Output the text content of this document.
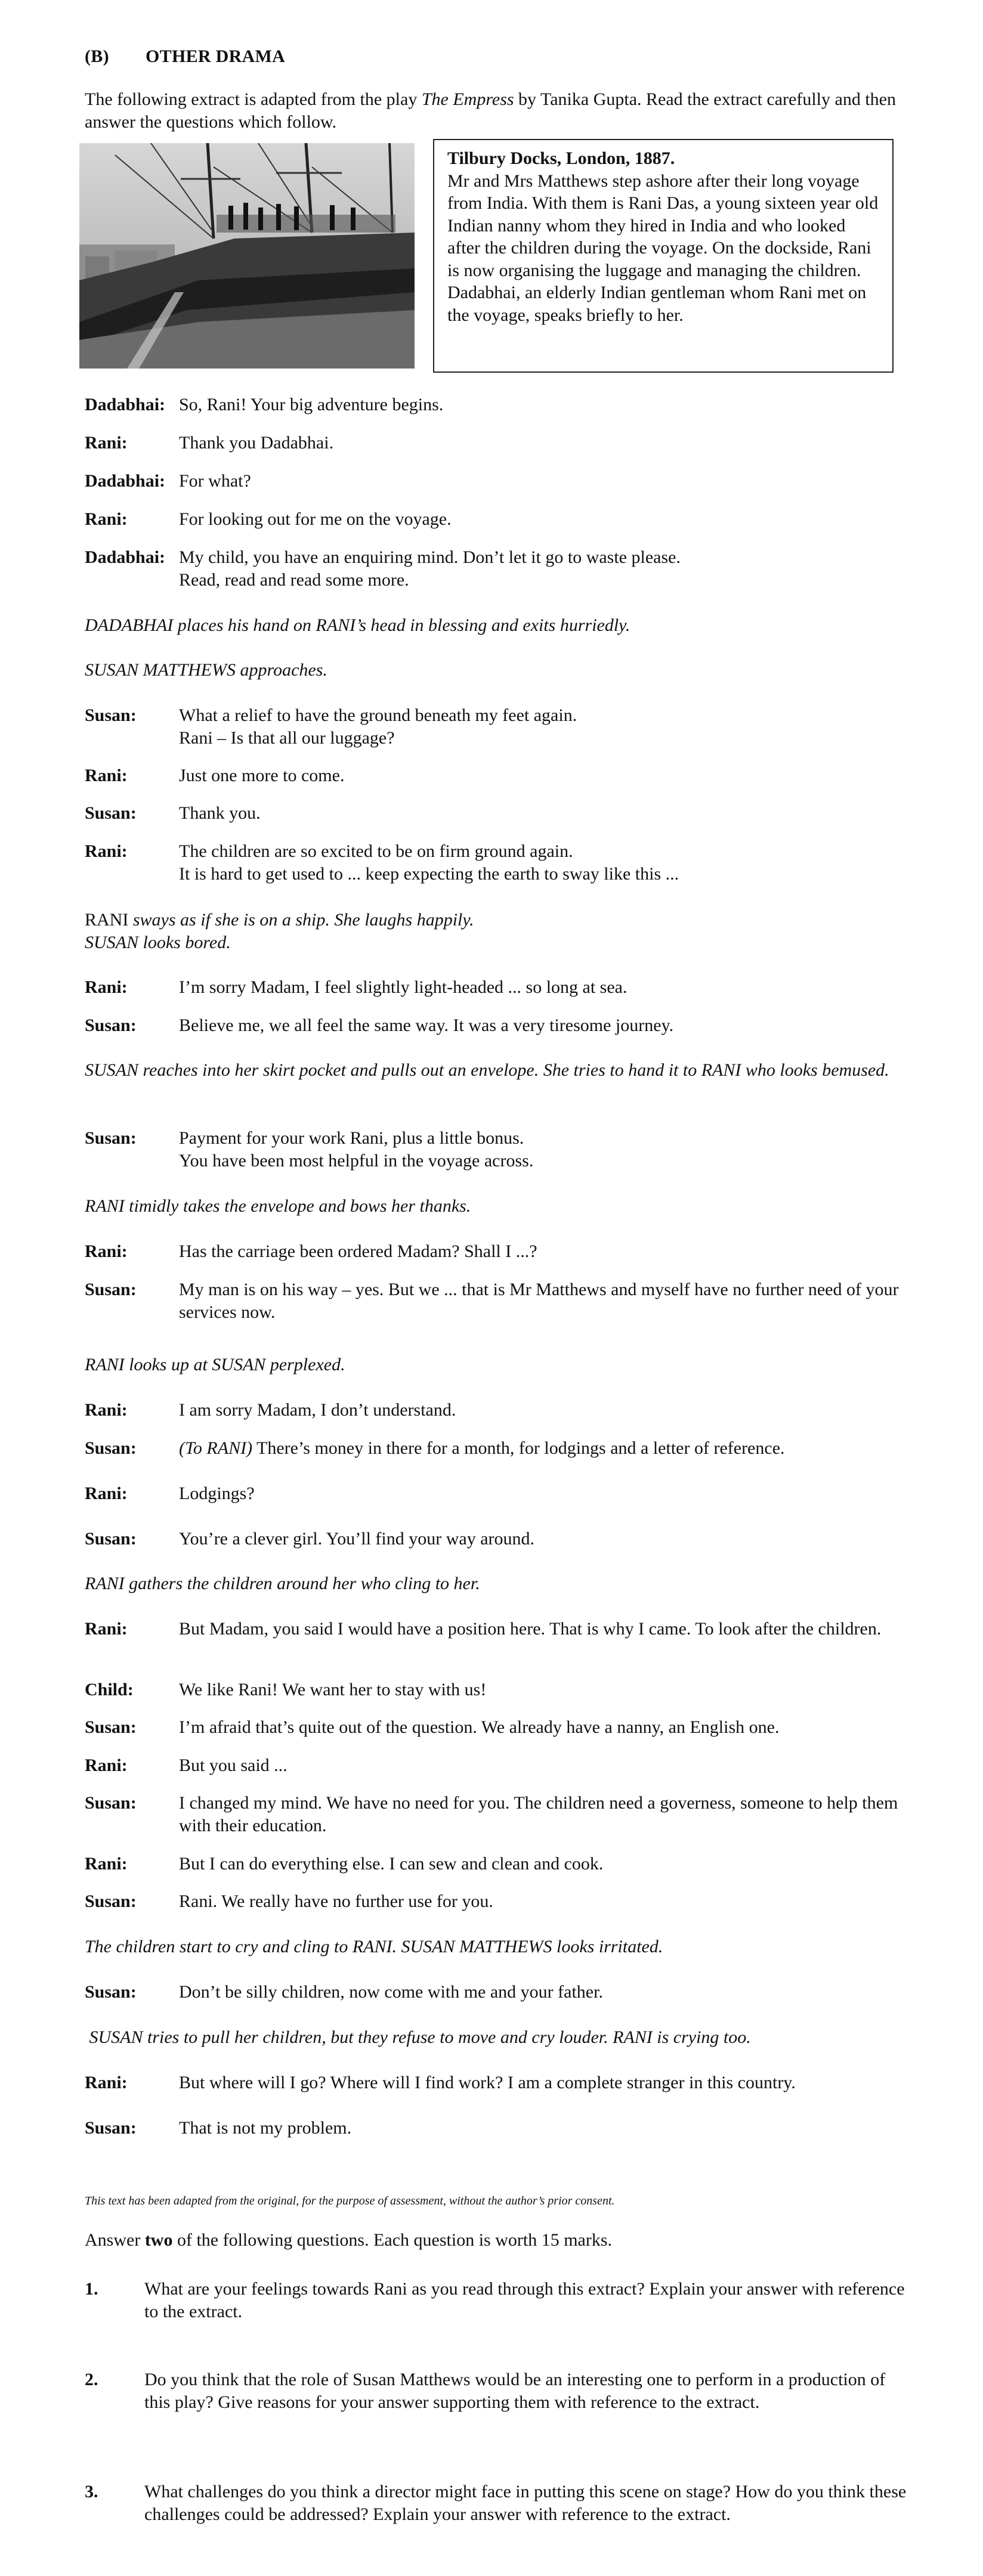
(B) OTHER DRAMA
The following extract is adapted from the play The Empress by Tanika Gupta. Read the extract carefully and then answer the questions which follow.
Tilbury Docks, London, 1887.
Mr and Mrs Matthews step ashore after their long voyage from India. With them is Rani Das, a young sixteen year old Indian nanny whom they hired in India and who looked after the children during the voyage. On the dockside, Rani is now organising the luggage and managing the children. Dadabhai, an elderly Indian gentleman whom Rani met on the voyage, speaks briefly to her.
Dadabhai: So, Rani! Your big adventure begins.
Rani:	Thank you Dadabhai.
Dadabhai: For what?
Rani:	For looking out for me on the voyage.
Dadabhai: My child, you have an enquiring mind. Don’t let it go to waste please.
Read, read and read some more.
DADABHAI places his hand on RANI’s head in blessing and exits hurriedly.
SUSAN MATTHEWS approaches.
Susan: What a relief to have the ground beneath my feet again.
Rani – Is that all our luggage?
Rani:	Just one more to come.
Susan: Thank you.
Rani:	The children are so excited to be on firm ground again.
It is hard to get used to ... keep expecting the earth to sway like this ...
RANI sways as if she is on a ship. She laughs happily.
SUSAN looks bored.
Rani:	I’m sorry Madam, I feel slightly light-headed ... so long at sea.
Susan: Believe me, we all feel the same way. It was a very tiresome journey.
SUSAN reaches into her skirt pocket and pulls out an envelope. She tries to hand it to RANI who looks bemused.
Susan: Payment for your work Rani, plus a little bonus.
You have been most helpful in the voyage across.
RANI timidly takes the envelope and bows her thanks.
Rani:	Has the carriage been ordered Madam? Shall I ...?
Susan: My man is on his way – yes. But we ... that is Mr Matthews and myself have no further need of your services now.
RANI looks up at SUSAN perplexed.
Rani:	I am sorry Madam, I don’t understand.
Susan: (To RANI) There’s money in there for a month, for lodgings and a letter of reference.
Rani:	Lodgings?
Susan: You’re a clever girl. You’ll find your way around.
RANI gathers the children around her who cling to her.
Rani:	But Madam, you said I would have a position here. That is why I came. To look after the children.
Child:	We like Rani! We want her to stay with us!
Susan: I’m afraid that’s quite out of the question. We already have a nanny, an English one.
Rani:	But you said ...
Susan: I changed my mind. We have no need for you. The children need a governess, someone to help them with their education.
Rani:	But I can do everything else. I can sew and clean and cook.
Susan: Rani. We really have no further use for you.
The children start to cry and cling to RANI. SUSAN MATTHEWS looks irritated.
Susan: Don’t be silly children, now come with me and your father.
SUSAN tries to pull her children, but they refuse to move and cry louder. RANI is crying too.
Rani:	But where will I go? Where will I find work? I am a complete stranger in this country.
Susan: That is not my problem.
This text has been adapted from the original, for the purpose of assessment, without the author’s prior consent.
Answer two of the following questions. Each question is worth 15 marks.
1.	What are your feelings towards Rani as you read through this extract? Explain your answer with reference to the extract.
2.	Do you think that the role of Susan Matthews would be an interesting one to perform in a production of this play? Give reasons for your answer supporting them with reference to the extract.
3.	What challenges do you think a director might face in putting this scene on stage? How do you think these challenges could be addressed? Explain your answer with reference to the extract.
